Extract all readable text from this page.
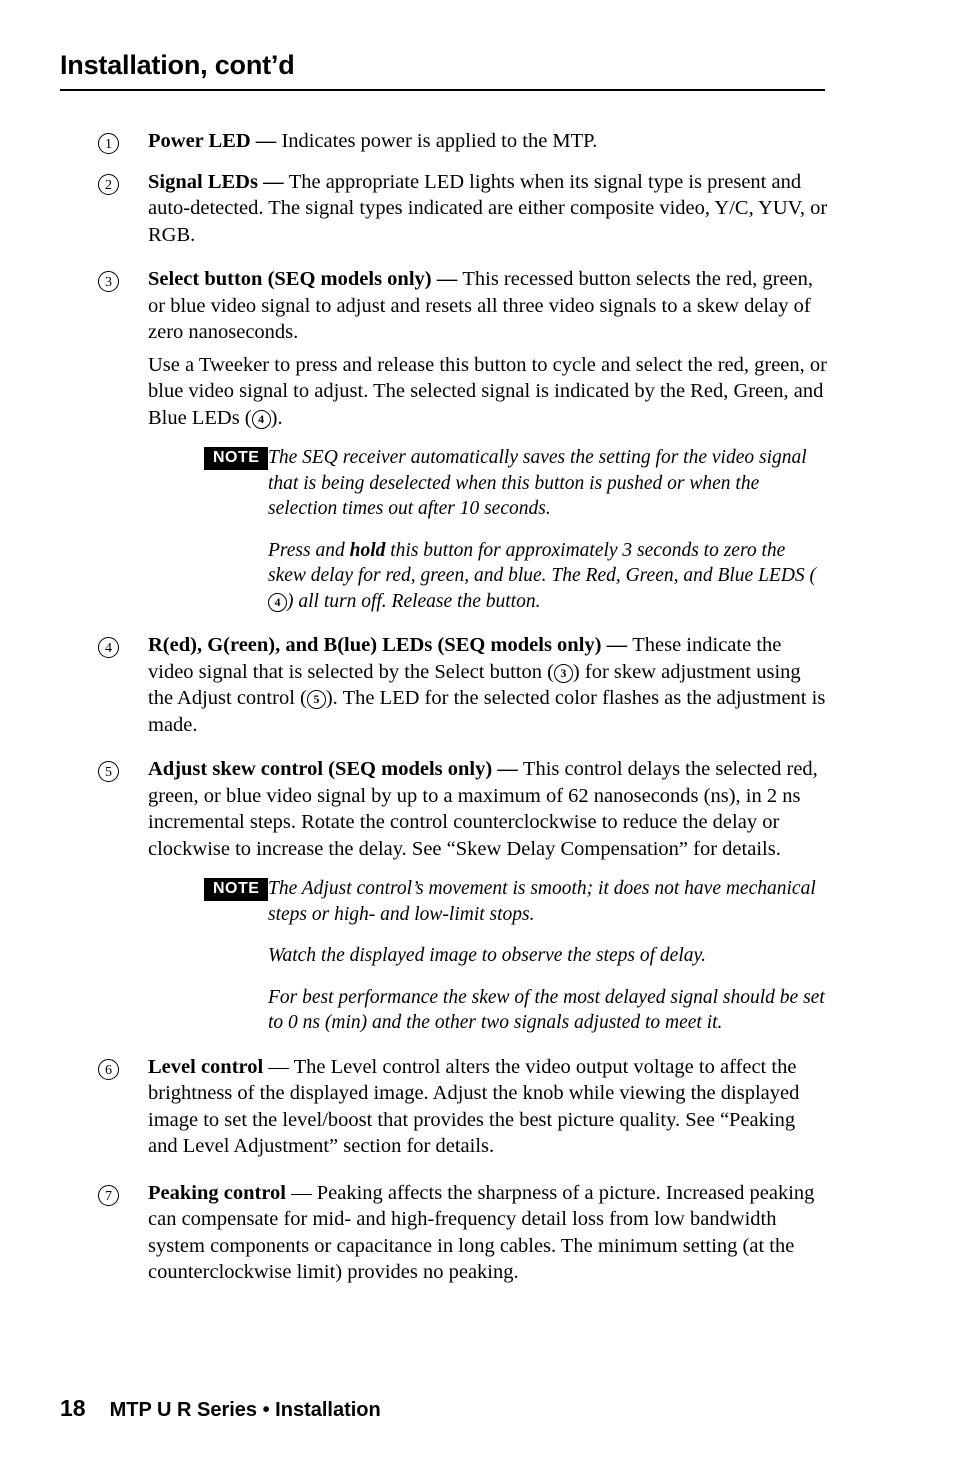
Installation, cont’d
1	Power LED — Indicates power is applied to the MTP.

2	Signal LEDs — The appropriate LED lights when its signal type is present and auto-detected. The signal types indicated are either composite video, Y/C, YUV, or RGB.

3	Select button (SEQ models only) — This recessed button selects the red, green, or blue video signal to adjust and resets all three video signals to a skew delay of zero nanoseconds.

Use a Tweeker to press and release this button to cycle and select the red, green, or blue video signal to adjust. The selected signal is indicated by the Red, Green, and Blue LEDs ( 4 ).

NOTE The SEQ receiver automatically saves the setting for the video signal that is being deselected when this button is pushed or when the selection times out after 10 seconds.

Press and hold this button for approximately 3 seconds to zero the skew delay for red, green, and blue. The Red, Green, and Blue LEDS (4 ) all turn off. Release the button.

4	R(ed), G(reen), and B(lue) LEDs (SEQ models only) — These indicate the video signal that is selected by the Select button ( 3 ) for skew adjustment using the Adjust control ( 5 ). The LED for the selected color flashes as the adjustment is made.

5	Adjust skew control (SEQ models only) — This control delays the selected red, green, or blue video signal by up to a maximum of 62 nanoseconds (ns), in 2 ns incremental steps. Rotate the control counterclockwise to reduce the delay or clockwise to increase the delay. See “Skew Delay Compensation” for details.

NOTE The Adjust control’s movement is smooth; it does not have mechanical steps or high- and low-limit stops.

Watch the displayed image to observe the steps of delay.

For best performance the skew of the most delayed signal should be set to 0 ns (min) and the other two signals adjusted to meet it.

6	Level control — The Level control alters the video output voltage to affect the brightness of the displayed image. Adjust the knob while viewing the displayed image to set the level/boost that provides the best picture quality. See “Peaking and Level Adjustment” section for details.

7	Peaking control — Peaking affects the sharpness of a picture. Increased peaking can compensate for mid- and high-frequency detail loss from low bandwidth system components or capacitance in long cables. The minimum setting (at the counterclockwise limit) provides no peaking.

18 MTP U R Series • Installation
